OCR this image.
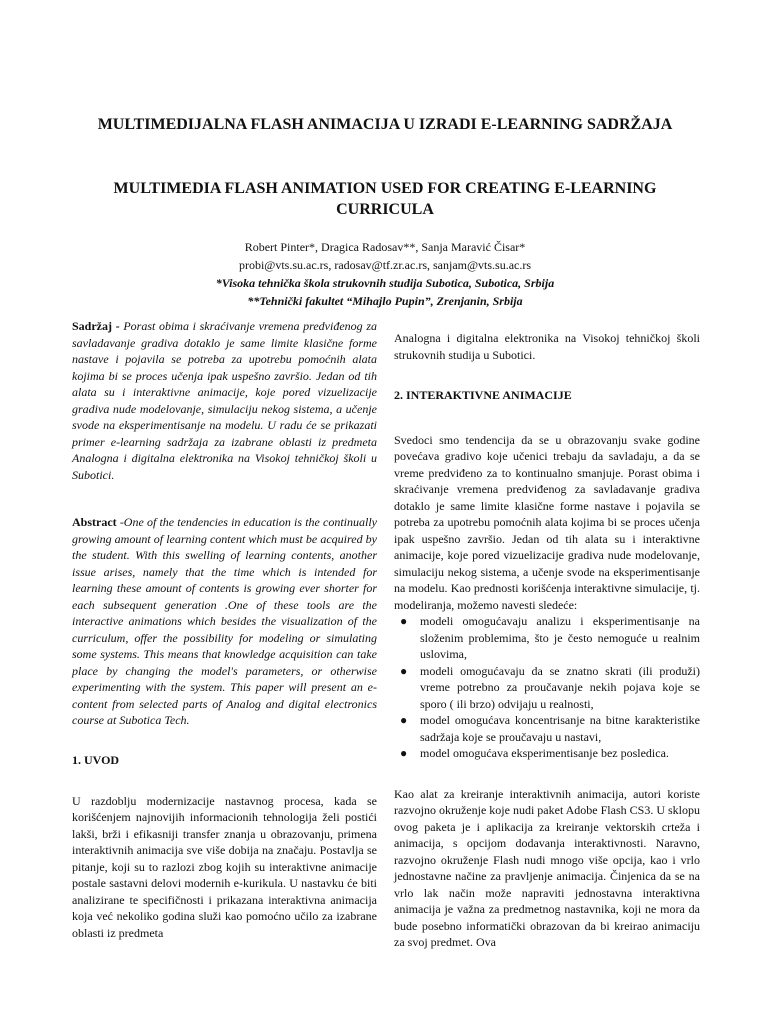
MULTIMEDIJALNA FLASH ANIMACIJA U IZRADI E-LEARNING SADRŽAJA
MULTIMEDIA FLASH ANIMATION USED FOR CREATING E-LEARNING CURRICULA
Robert Pinter*, Dragica Radosav**, Sanja Maravić Čisar*
probi@vts.su.ac.rs, radosav@tf.zr.ac.rs, sanjam@vts.su.ac.rs
*Visoka tehnička škola strukovnih studija Subotica, Subotica, Srbija
**Tehnički fakultet “Mihajlo Pupin”, Zrenjanin, Srbija

Sadržaj - Porast obima i skraćivanje vremena predviđenog za savladavanje gradiva dotaklo je same limite klasične forme nastave i pojavila se potreba za upotrebu pomoćnih alata kojima bi se proces učenja ipak uspešno završio. Jedan od tih alata su i interaktivne animacije, koje pored vizuelizacije gradiva nude modelovanje, simulaciju nekog sistema, a učenje svode na eksperimentisanje na modelu. U radu će se prikazati primer e-learning sadržaja za izabrane oblasti iz predmeta Analogna i digitalna elektronika na Visokoj tehničkoj školi u Subotici.

Abstract -One of the tendencies in education is the continually growing amount of learning content which must be acquired by the student. With this swelling of learning contents, another issue arises, namely that the time which is intended for learning these amount of contents is growing ever shorter for each subsequent generation .One of these tools are the interactive animations which besides the visualization of the curriculum, offer the possibility for modeling or simulating some systems. This means that knowledge acquisition can take place by changing the model's parameters, or otherwise experimenting with the system. This paper will present an e-content from selected parts of Analog and digital electronics course at Subotica Tech.

1. UVOD

U razdoblju modernizacije nastavnog procesa, kada se korišćenjem najnovijih informacionih tehnologija želi postići lakši, brži i efikasniji transfer znanja u obrazovanju, primena interaktivnih animacija sve više dobija na značaju. Postavlja se pitanje, koji su to razlozi zbog kojih su interaktivne animacije postale sastavni delovi modernih e-kurikula. U nastavku će biti analizirane te specifičnosti i prikazana interaktivna animacija koja već nekoliko godina služi kao pomoćno učilo za izabrane oblasti iz predmeta

Analogna i digitalna elektronika na Visokoj tehničkoj školi strukovnih studija u Subotici.

2. INTERAKTIVNE ANIMACIJE

Svedoci smo tendencija da se u obrazovanju svake godine povećava gradivo koje učenici trebaju da savladaju, a da se vreme predviđeno za to kontinualno smanjuje. Porast obima i skraćivanje vremena predviđenog za savladavanje gradiva dotaklo je same limite klasične forme nastave i pojavila se potreba za upotrebu pomoćnih alata kojima bi se proces učenja ipak uspešno završio. Jedan od tih alata su i interaktivne animacije, koje pored vizuelizacije gradiva nude modelovanje, simulaciju nekog sistema, a učenje svode na eksperimentisanje na modelu. Kao prednosti korišćenja interaktivne simulacije, tj. modeliranja, možemo navesti sledeće:

● modeli omogućavaju analizu i eksperimentisanje na složenim problemima, što je često nemoguće u realnim uslovima,
● modeli omogućavaju da se znatno skrati (ili produži) vreme potrebno za proučavanje nekih pojava koje se sporo ( ili brzo) odvijaju u realnosti,
● model omogućava koncentrisanje na bitne karakteristike sadržaja koje se proučavaju u nastavi,
● model omogućava eksperimentisanje bez posledica.

Kao alat za kreiranje interaktivnih animacija, autori koriste razvojno okruženje koje nudi paket Adobe Flash CS3. U sklopu ovog paketa je i aplikacija za kreiranje vektorskih crteža i animacija, s opcijom dodavanja interaktivnosti. Naravno, razvojno okruženje Flash nudi mnogo više opcija, kao i vrlo jednostavne načine za pravljenje animacija. Činjenica da se na vrlo lak način može napraviti jednostavna interaktivna animacija je važna za predmetnog nastavnika, koji ne mora da bude posebno informatički obrazovan da bi kreirao animaciju za svoj predmet. Ova
